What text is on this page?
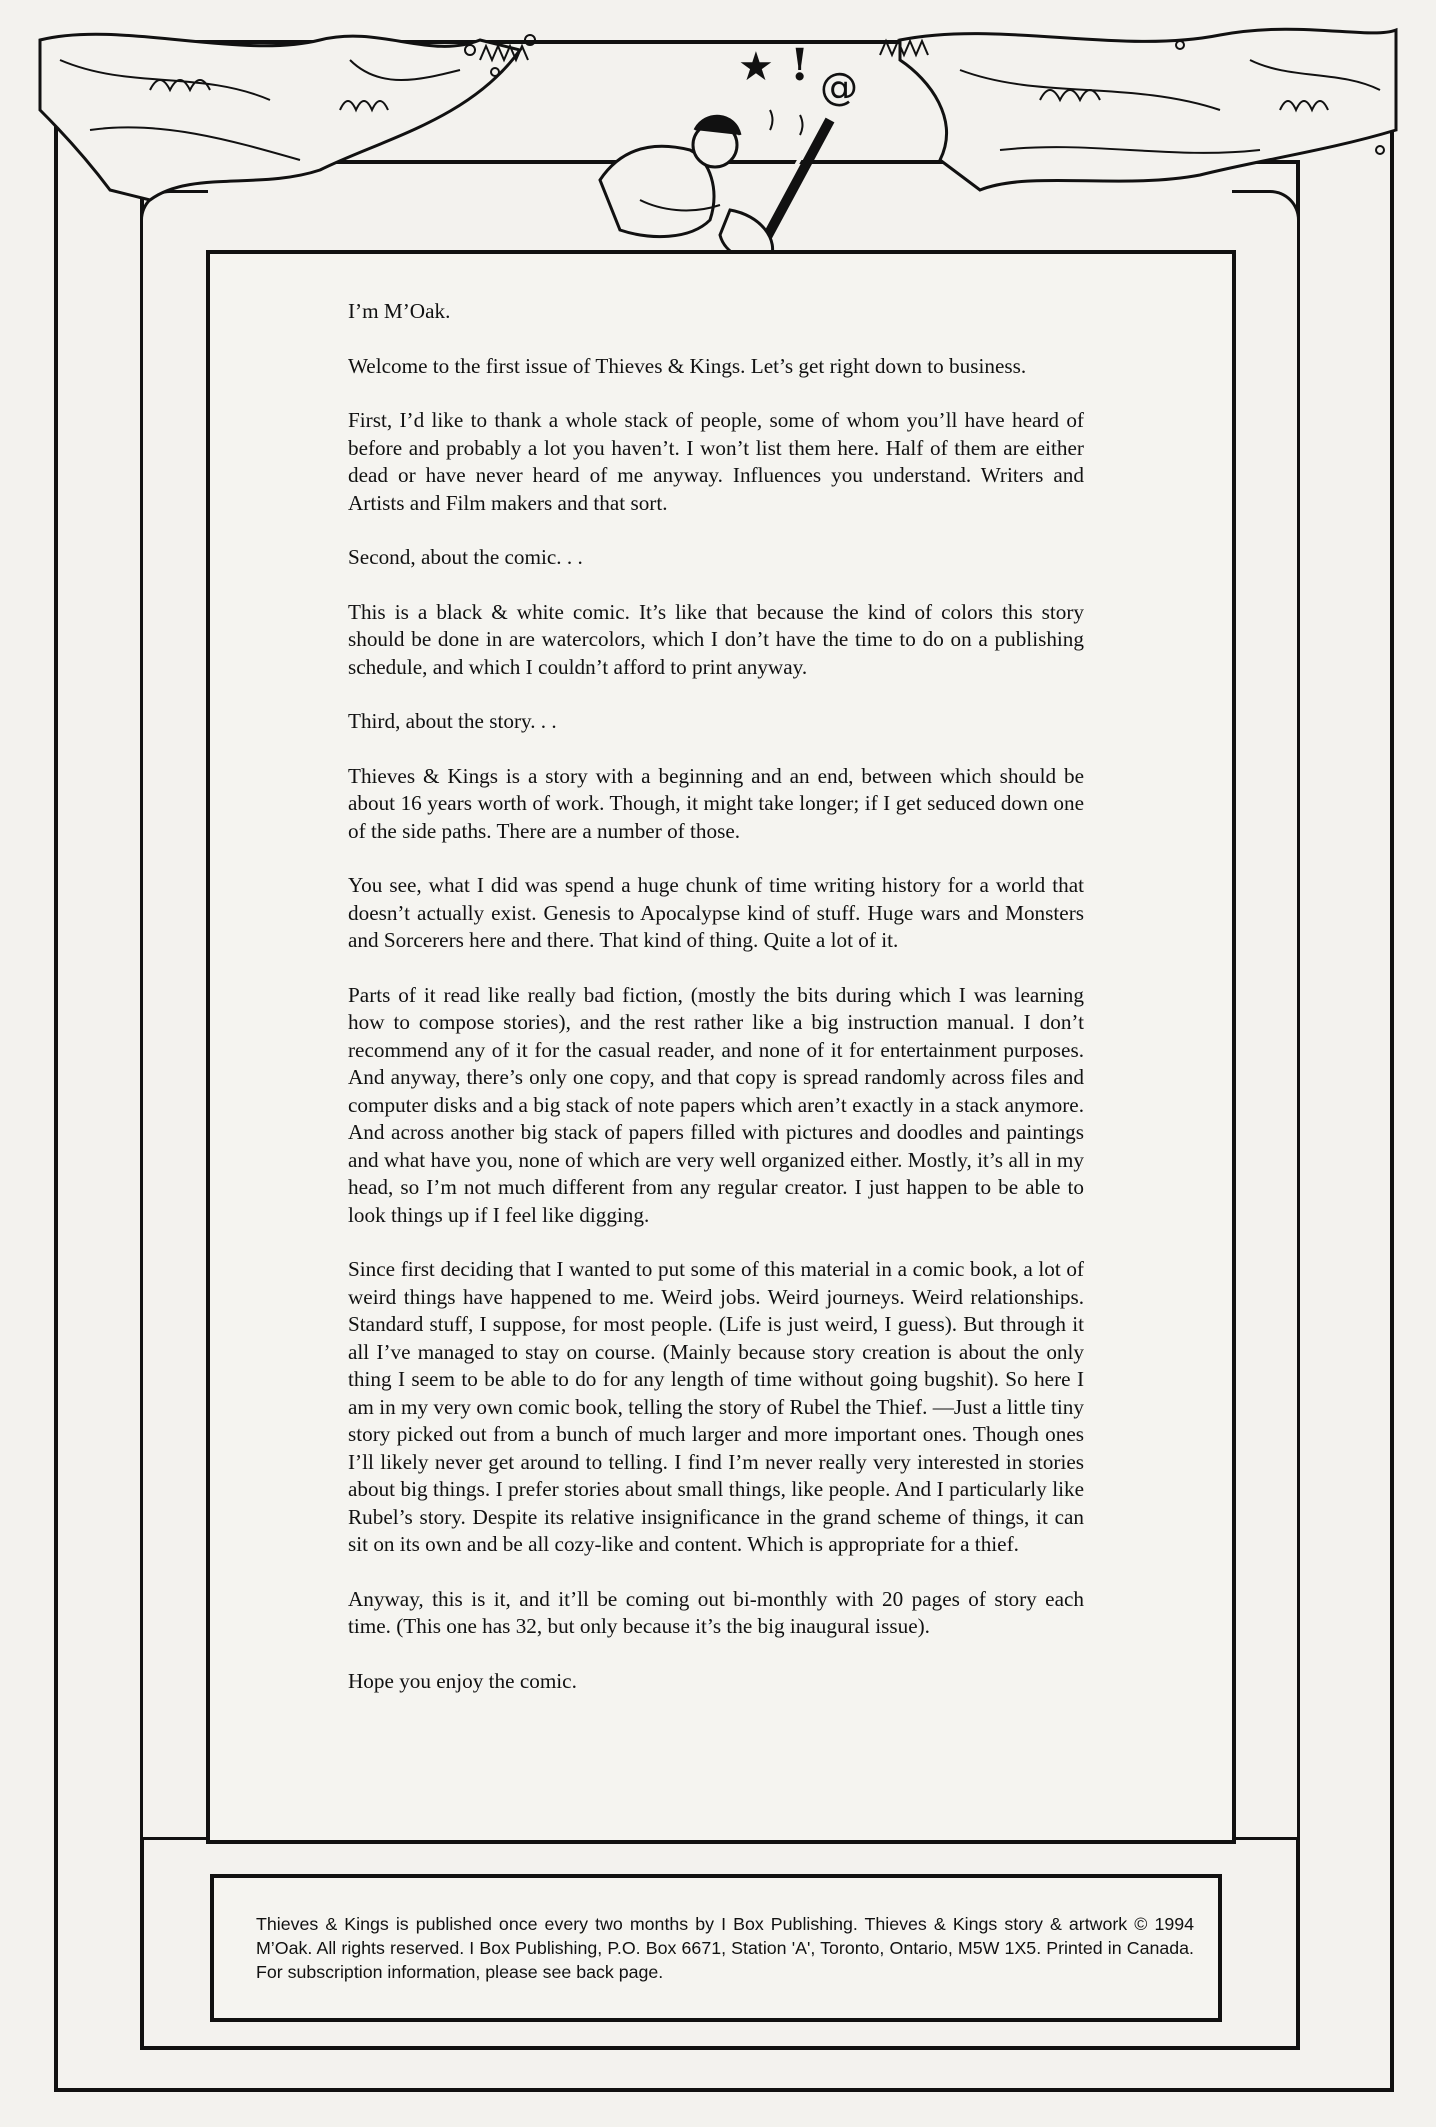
★ ! @

I’m M’Oak.

Welcome to the first issue of Thieves & Kings. Let’s get right down to business.

First, I’d like to thank a whole stack of people, some of whom you’ll have heard of before and probably a lot you haven’t. I won’t list them here. Half of them are either dead or have never heard of me anyway. Influences you understand. Writers and Artists and Film makers and that sort.

Second, about the comic. . .

This is a black & white comic. It’s like that because the kind of colors this story should be done in are watercolors, which I don’t have the time to do on a publishing schedule, and which I couldn’t afford to print anyway.

Third, about the story. . .

Thieves & Kings is a story with a beginning and an end, between which should be about 16 years worth of work. Though, it might take longer; if I get seduced down one of the side paths. There are a number of those.

You see, what I did was spend a huge chunk of time writing history for a world that doesn’t actually exist. Genesis to Apocalypse kind of stuff. Huge wars and Monsters and Sorcerers here and there. That kind of thing. Quite a lot of it.

Parts of it read like really bad fiction, (mostly the bits during which I was learning how to compose stories), and the rest rather like a big instruction manual. I don’t recommend any of it for the casual reader, and none of it for entertainment purposes. And anyway, there’s only one copy, and that copy is spread randomly across files and computer disks and a big stack of note papers which aren’t exactly in a stack anymore. And across another big stack of papers filled with pictures and doodles and paintings and what have you, none of which are very well organized either. Mostly, it’s all in my head, so I’m not much different from any regular creator. I just happen to be able to look things up if I feel like digging.

Since first deciding that I wanted to put some of this material in a comic book, a lot of weird things have happened to me. Weird jobs. Weird journeys. Weird relationships. Standard stuff, I suppose, for most people. (Life is just weird, I guess). But through it all I’ve managed to stay on course. (Mainly because story creation is about the only thing I seem to be able to do for any length of time without going bugshit). So here I am in my very own comic book, telling the story of Rubel the Thief. —Just a little tiny story picked out from a bunch of much larger and more important ones. Though ones I’ll likely never get around to telling. I find I’m never really very interested in stories about big things. I prefer stories about small things, like people. And I particularly like Rubel’s story. Despite its relative insignificance in the grand scheme of things, it can sit on its own and be all cozy-like and content. Which is appropriate for a thief.

Anyway, this is it, and it’ll be coming out bi-monthly with 20 pages of story each time. (This one has 32, but only because it’s the big inaugural issue).

Hope you enjoy the comic.

Thieves & Kings is published once every two months by I Box Publishing. Thieves & Kings story & artwork © 1994 M’Oak. All rights reserved. I Box Publishing, P.O. Box 6671, Station 'A', Toronto, Ontario, M5W 1X5. Printed in Canada. For subscription information, please see back page.
